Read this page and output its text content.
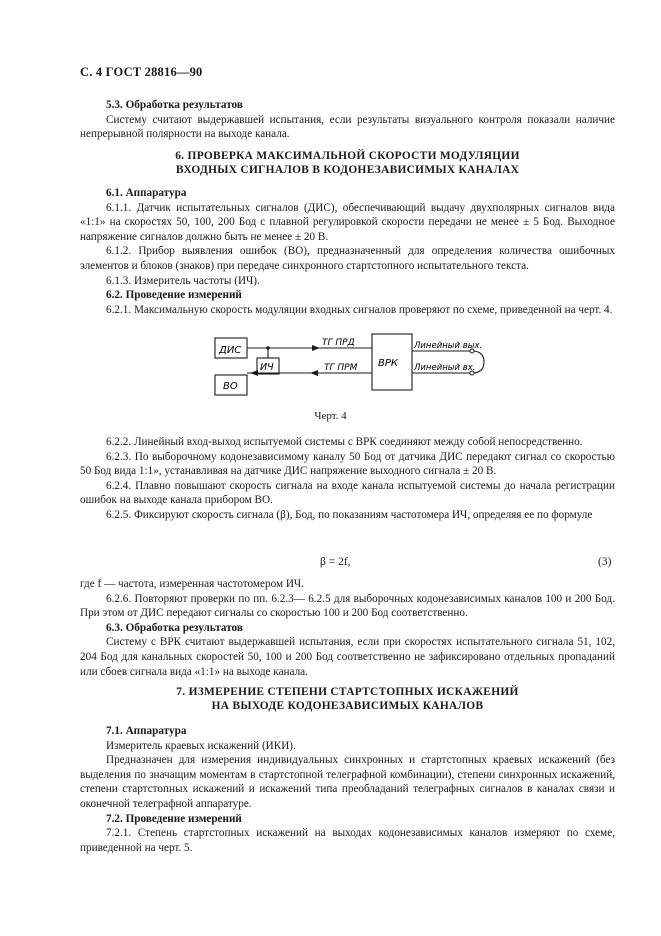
С. 4 ГОСТ 28816—90
5.3. Обработка результатов

Систему считают выдержавшей испытания, если результаты визуального контроля показали наличие непрерывной полярности на выходе канала.

6. ПРОВЕРКА МАКСИМАЛЬНОЙ СКОРОСТИ МОДУЛЯЦИИ
ВХОДНЫХ СИГНАЛОВ В КОДОНЕЗАВИСИМЫХ КАНАЛАХ
6.1. Аппаратура

6.1.1. Датчик испытательных сигналов (ДИС), обеспечивающий выдачу двухполярных сигналов вида «1:1» на скоростях 50, 100, 200 Бод с плавной регулировкой скорости передачи не менее ± 5 Бод. Выходное напряжение сигналов должно быть не менее ± 20 В.

6.1.2. Прибор выявления ошибок (ВО), предназначенный для определения количества ошибочных элементов и блоков (знаков) при передаче синхронного стартстопного испытательного текста.

6.1.3. Измеритель частоты (ИЧ).

6.2. Проведение измерений

6.2.1. Максимальную скорость модуляции входных сигналов проверяют по схеме, приведенной на черт. 4.

ДИС
ИЧ
ВО
ВРК
ТГ ПРД
ТГ ПРМ
Линейный вых.
Линейный вх.
Черт. 4

6.2.2. Линейный вход-выход испытуемой системы с ВРК соединяют между собой непосредственно.

6.2.3. По выборочному кодонезависимому каналу 50 Бод от датчика ДИС передают сигнал со скоростью 50 Бод вида 1:1», устанавливая на датчике ДИС напряжение выходного сигнала ± 20 В.

6.2.4. Плавно повышают скорость сигнала на входе канала испытуемой системы до начала регистрации ошибок на выходе канала прибором ВО.

6.2.5. Фиксируют скорость сигнала (β), Бод, по показаниям частотомера ИЧ, определяя ее по формуле

β = 2f,	(3)

где f — частота, измеренная частотомером ИЧ.

6.2.6. Повторяют проверки по пп. 6.2.3— 6.2.5 для выборочных кодонезависимых каналов 100 и 200 Бод. При этом от ДИС передают сигналы со скоростью 100 и 200 Бод соответственно.

6.3. Обработка результатов

Систему с ВРК считают выдержавшей испытания, если при скоростях испытательного сигнала 51, 102, 204 Бод для канальных скоростей 50, 100 и 200 Бод соответственно не зафиксировано отдельных пропаданий или сбоев сигнала вида «1:1» на выходе канала.

7. ИЗМЕРЕНИЕ СТЕПЕНИ СТАРТСТОПНЫХ ИСКАЖЕНИЙ
НА ВЫХОДЕ КОДОНЕЗАВИСИМЫХ КАНАЛОВ
7.1. Аппаратура

Измеритель краевых искажений (ИКИ).

Предназначен для измерения индивидуальных синхронных и стартстопных краевых искажений (без выделения по значащим моментам в стартстопной телеграфной комбинации), степени синхронных искажений, степени стартстопных искажений и искажений типа преобладаний телеграфных сигналов в каналах связи и оконечной телеграфной аппаратуре.

7.2. Проведение измерений

7.2.1. Степень стартстопных искажений на выходах кодонезависимых каналов измеряют по схеме, приведенной на черт. 5.
